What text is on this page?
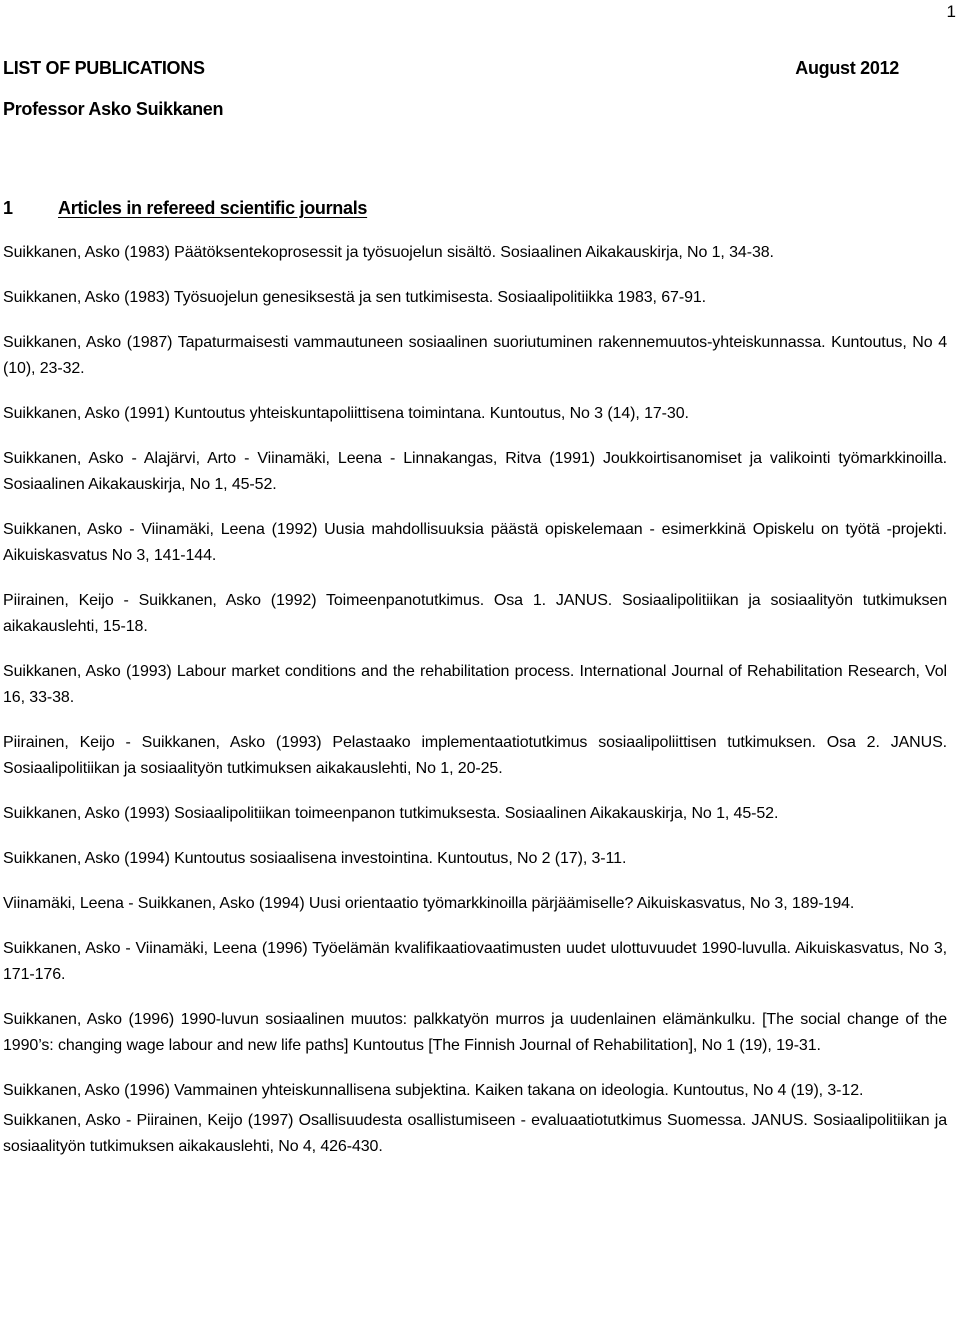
1
LIST OF PUBLICATIONS	August 2012
Professor Asko Suikkanen
1	Articles in refereed scientific journals

Suikkanen, Asko (1983) Päätöksentekoprosessit ja työsuojelun sisältö. Sosiaalinen Aikakauskirja, No 1, 34-38.

Suikkanen, Asko (1983) Työsuojelun genesiksestä ja sen tutkimisesta. Sosiaalipolitiikka 1983, 67-91.

Suikkanen, Asko (1987) Tapaturmaisesti vammautuneen sosiaalinen suoriutuminen rakennemuutos-yhteiskunnassa. Kuntoutus, No 4 (10), 23-32.

Suikkanen, Asko (1991) Kuntoutus yhteiskuntapoliittisena toimintana. Kuntoutus, No 3 (14), 17-30.

Suikkanen, Asko - Alajärvi, Arto - Viinamäki, Leena - Linnakangas, Ritva (1991) Joukkoirtisanomiset ja valikointi työmarkkinoilla. Sosiaalinen Aikakauskirja, No 1, 45-52.

Suikkanen, Asko - Viinamäki, Leena (1992) Uusia mahdollisuuksia päästä opiskelemaan - esimerkkinä Opiskelu on työtä -projekti. Aikuiskasvatus No 3, 141-144.

Piirainen, Keijo - Suikkanen, Asko (1992) Toimeenpanotutkimus. Osa 1. JANUS. Sosiaalipolitiikan ja sosiaalityön tutkimuksen aikakauslehti, 15-18.

Suikkanen, Asko (1993) Labour market conditions and the rehabilitation process. International Journal of Rehabilitation Research, Vol 16, 33-38.

Piirainen, Keijo - Suikkanen, Asko (1993) Pelastaako implementaatiotutkimus sosiaalipoliittisen tutkimuksen. Osa 2. JANUS. Sosiaalipolitiikan ja sosiaalityön tutkimuksen aikakauslehti, No 1, 20-25.

Suikkanen, Asko (1993) Sosiaalipolitiikan toimeenpanon tutkimuksesta. Sosiaalinen Aikakauskirja, No 1, 45-52.

Suikkanen, Asko (1994) Kuntoutus sosiaalisena investointina. Kuntoutus, No 2 (17), 3-11.

Viinamäki, Leena - Suikkanen, Asko (1994) Uusi orientaatio työmarkkinoilla pärjäämiselle? Aikuiskasvatus, No 3, 189-194.

Suikkanen, Asko - Viinamäki, Leena (1996) Työelämän kvalifikaatiovaatimusten uudet ulottuvuudet 1990-luvulla. Aikuiskasvatus, No 3, 171-176.

Suikkanen, Asko (1996) 1990-luvun sosiaalinen muutos: palkkatyön murros ja uudenlainen elämänkulku. [The social change of the 1990’s: changing wage labour and new life paths] Kuntoutus [The Finnish Journal of Rehabilitation], No 1 (19), 19-31.

Suikkanen, Asko (1996) Vammainen yhteiskunnallisena subjektina. Kaiken takana on ideologia. Kuntoutus, No 4 (19), 3-12.

Suikkanen, Asko - Piirainen, Keijo (1997) Osallisuudesta osallistumiseen - evaluaatiotutkimus Suomessa. JANUS. Sosiaalipolitiikan ja sosiaalityön tutkimuksen aikakauslehti, No 4, 426-430.
